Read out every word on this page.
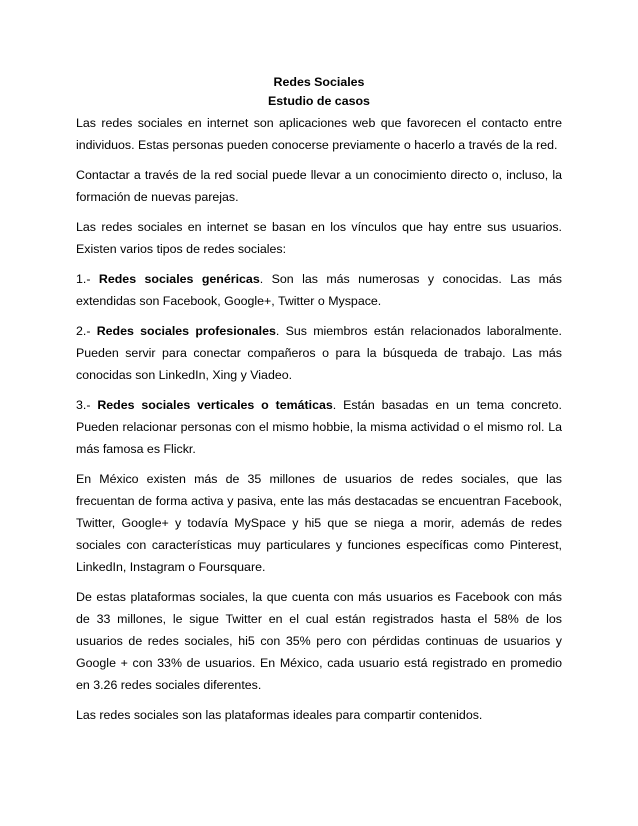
Redes Sociales

Estudio de casos

Las redes sociales en internet son aplicaciones web que favorecen el contacto entre individuos. Estas personas pueden conocerse previamente o hacerlo a través de la red.

Contactar a través de la red social puede llevar a un conocimiento directo o, incluso, la formación de nuevas parejas.

Las redes sociales en internet se basan en los vínculos que hay entre sus usuarios. Existen varios tipos de redes sociales:

1.- Redes sociales genéricas. Son las más numerosas y conocidas. Las más extendidas son Facebook, Google+, Twitter o Myspace.

2.- Redes sociales profesionales. Sus miembros están relacionados laboralmente. Pueden servir para conectar compañeros o para la búsqueda de trabajo. Las más conocidas son LinkedIn, Xing y Viadeo.

3.- Redes sociales verticales o temáticas. Están basadas en un tema concreto. Pueden relacionar personas con el mismo hobbie, la misma actividad o el mismo rol. La más famosa es Flickr.

En México existen más de 35 millones de usuarios de redes sociales, que las frecuentan de forma activa y pasiva, ente las más destacadas se encuentran Facebook, Twitter, Google+ y todavía MySpace y hi5 que se niega a morir, además de redes sociales con características muy particulares y funciones específicas como Pinterest, LinkedIn, Instagram o Foursquare.

De estas plataformas sociales, la que cuenta con más usuarios es Facebook con más de 33 millones, le sigue Twitter en el cual están registrados hasta el 58% de los usuarios de redes sociales, hi5 con 35% pero con pérdidas continuas de usuarios y Google + con 33% de usuarios. En México, cada usuario está registrado en promedio en 3.26 redes sociales diferentes.

Las redes sociales son las plataformas ideales para compartir contenidos.
